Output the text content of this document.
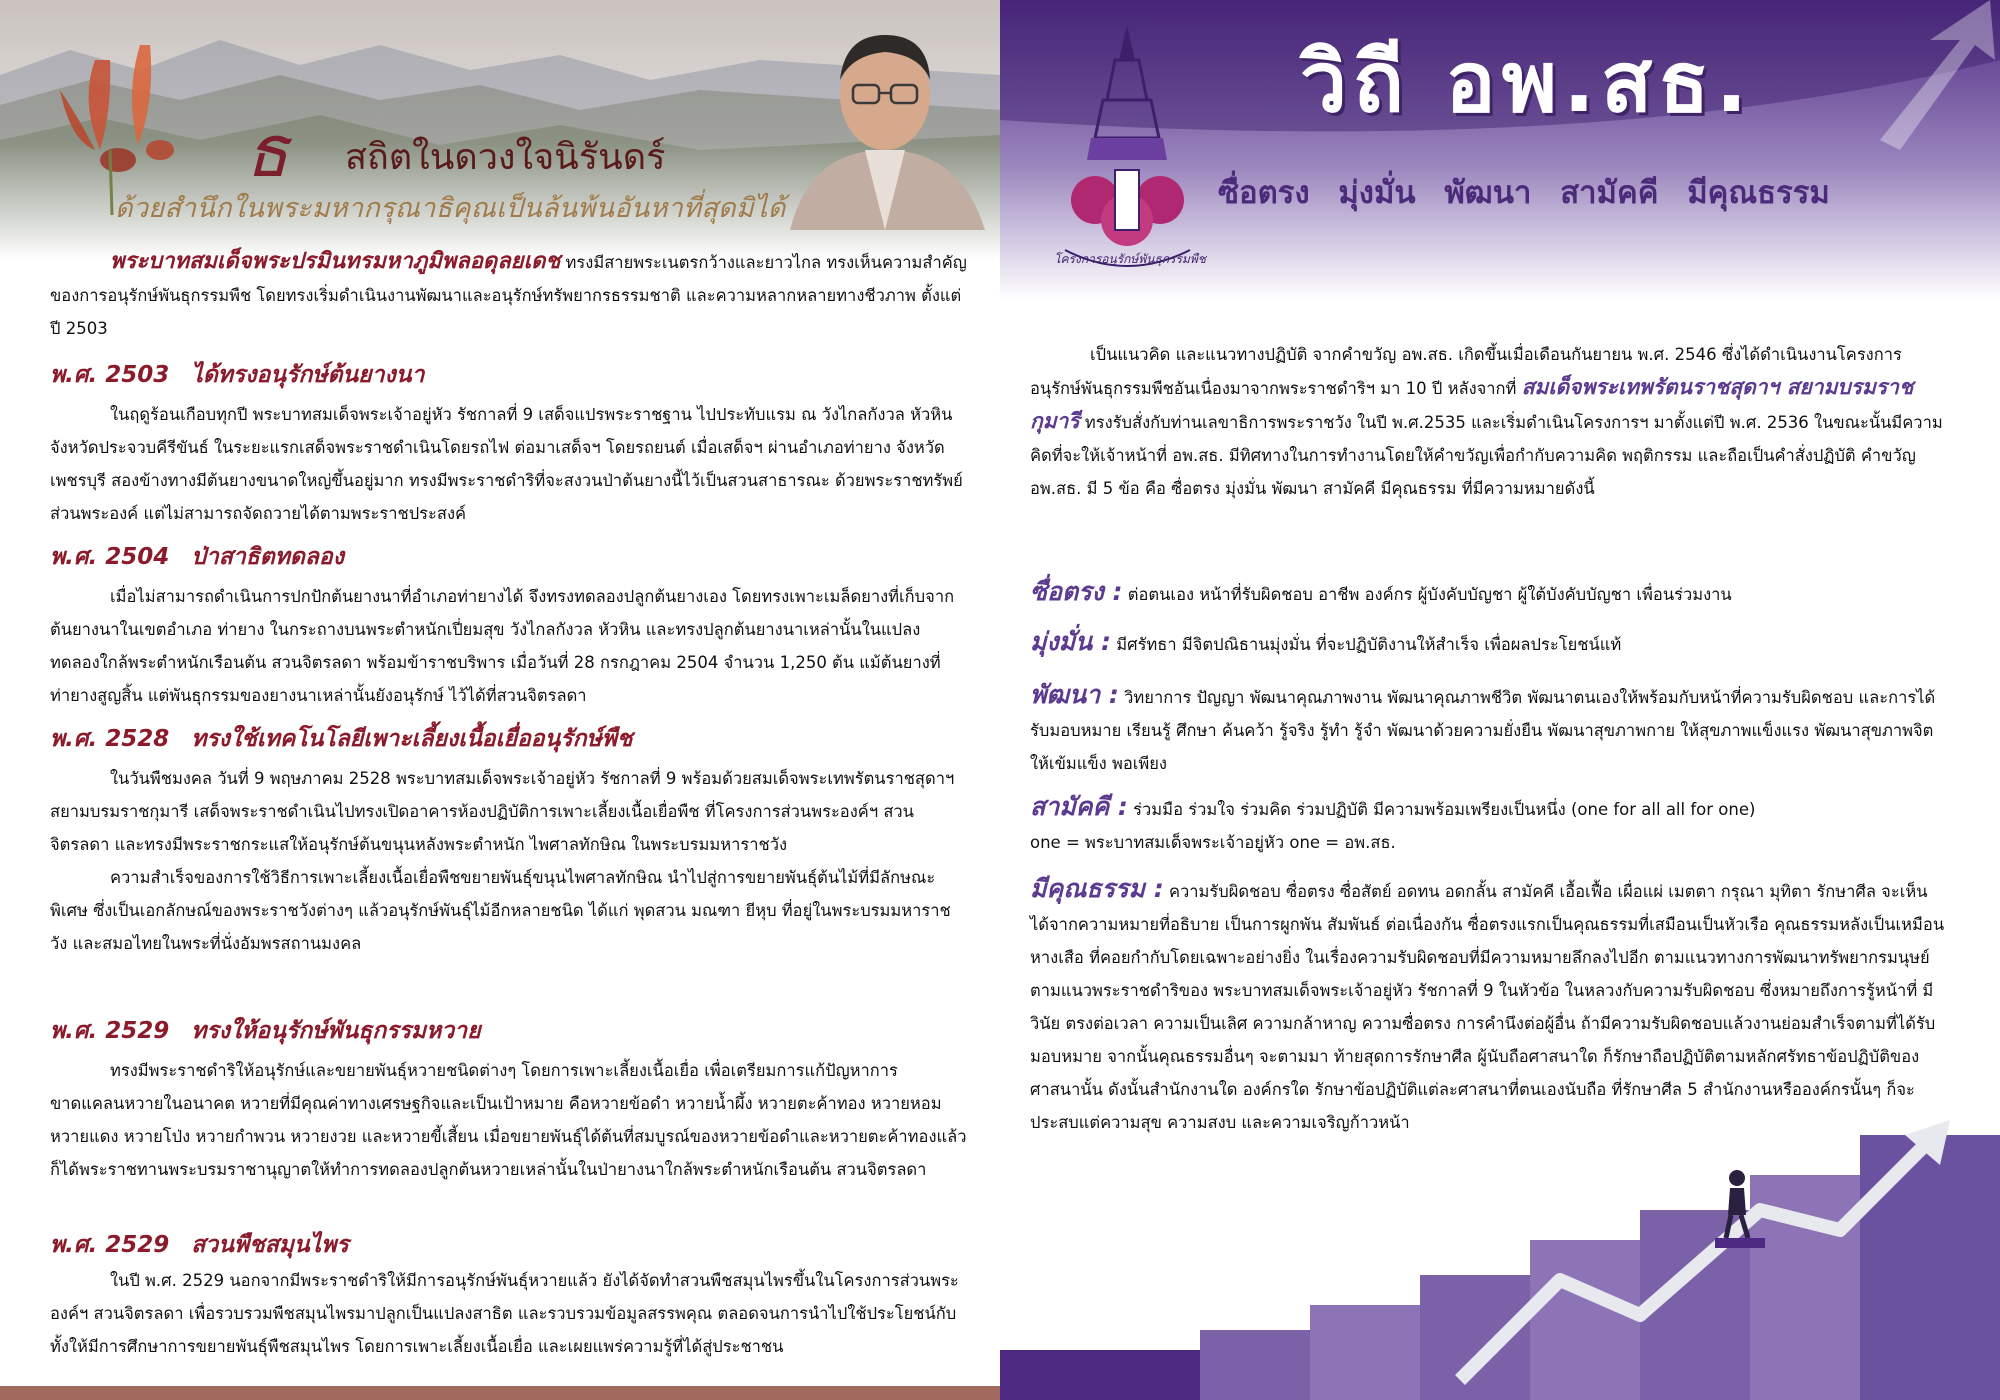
ธ สถิตในดวงใจนิรันดร์
ด้วยสำนึกในพระมหากรุณาธิคุณเป็นล้นพ้นอันหาที่สุดมิได้

พระบาทสมเด็จพระปรมินทรมหาภูมิพลอดุลยเดช ทรงมีสายพระเนตรกว้างและยาวไกล ทรงเห็นความสำคัญของการอนุรักษ์พันธุกรรมพืช โดยทรงเริ่มดำเนินงานพัฒนาและอนุรักษ์ทรัพยากรธรรมชาติ และความหลากหลายทางชีวภาพ ตั้งแต่ปี 2503

พ.ศ. 2503 ได้ทรงอนุรักษ์ต้นยางนา

ในฤดูร้อนเกือบทุกปี พระบาทสมเด็จพระเจ้าอยู่หัว รัชกาลที่ 9 เสด็จแปรพระราชฐาน ไปประทับแรม ณ วังไกลกังวล หัวหิน จังหวัดประจวบคีรีขันธ์ ในระยะแรกเสด็จพระราชดำเนินโดยรถไฟ ต่อมาเสด็จฯ โดยรถยนต์ เมื่อเสด็จฯ ผ่านอำเภอท่ายาง จังหวัดเพชรบุรี สองข้างทางมีต้นยางขนาดใหญ่ขึ้นอยู่มาก ทรงมีพระราชดำริที่จะสงวนป่าต้นยางนี้ไว้เป็นสวนสาธารณะ ด้วยพระราชทรัพย์ส่วนพระองค์ แต่ไม่สามารถจัดถวายได้ตามพระราชประสงค์

พ.ศ. 2504 ป่าสาธิตทดลอง

เมื่อไม่สามารถดำเนินการปกปักต้นยางนาที่อำเภอท่ายางได้ จึงทรงทดลองปลูกต้นยางเอง โดยทรงเพาะเมล็ดยางที่เก็บจากต้นยางนาในเขตอำเภอ ท่ายาง ในกระถางบนพระตำหนักเปี่ยมสุข วังไกลกังวล หัวหิน และทรงปลูกต้นยางนาเหล่านั้นในแปลงทดลองใกล้พระตำหนักเรือนต้น สวนจิตรลดา พร้อมข้าราชบริพาร เมื่อวันที่ 28 กรกฎาคม 2504 จำนวน 1,250 ต้น แม้ต้นยางที่ท่ายางสูญสิ้น แต่พันธุกรรมของยางนาเหล่านั้นยังอนุรักษ์ ไว้ได้ที่สวนจิตรลดา

พ.ศ. 2528 ทรงใช้เทคโนโลยีเพาะเลี้ยงเนื้อเยื่ออนุรักษ์พืช

ในวันพืชมงคล วันที่ 9 พฤษภาคม 2528 พระบาทสมเด็จพระเจ้าอยู่หัว รัชกาลที่ 9 พร้อมด้วยสมเด็จพระเทพรัตนราชสุดาฯ สยามบรมราชกุมารี เสด็จพระราชดำเนินไปทรงเปิดอาคารห้องปฏิบัติการเพาะเลี้ยงเนื้อเยื่อพืช ที่โครงการส่วนพระองค์ฯ สวนจิตรลดา และทรงมีพระราชกระแสให้อนุรักษ์ต้นขนุนหลังพระตำหนัก ไพศาลทักษิณ ในพระบรมมหาราชวัง

ความสำเร็จของการใช้วิธีการเพาะเลี้ยงเนื้อเยื่อพืชขยายพันธุ์ขนุนไพศาลทักษิณ นำไปสู่การขยายพันธุ์ต้นไม้ที่มีลักษณะพิเศษ ซึ่งเป็นเอกลักษณ์ของพระราชวังต่างๆ แล้วอนุรักษ์พันธุ์ไม้อีกหลายชนิด ได้แก่ พุดสวน มณฑา ยีหุบ ที่อยู่ในพระบรมมหาราชวัง และสมอไทยในพระที่นั่งอัมพรสถานมงคล

พ.ศ. 2529 ทรงให้อนุรักษ์พันธุกรรมหวาย

ทรงมีพระราชดำริให้อนุรักษ์และขยายพันธุ์หวายชนิดต่างๆ โดยการเพาะเลี้ยงเนื้อเยื่อ เพื่อเตรียมการแก้ปัญหาการขาดแคลนหวายในอนาคต หวายที่มีคุณค่าทางเศรษฐกิจและเป็นเป้าหมาย คือหวายข้อดำ หวายน้ำผึ้ง หวายตะค้าทอง หวายหอม หวายแดง หวายโป่ง หวายกำพวน หวายงวย และหวายขี้เสี้ยน เมื่อขยายพันธุ์ได้ต้นที่สมบูรณ์ของหวายข้อดำและหวายตะค้าทองแล้ว ก็ได้พระราชทานพระบรมราชานุญาตให้ทำการทดลองปลูกต้นหวายเหล่านั้นในป่ายางนาใกล้พระตำหนักเรือนต้น สวนจิตรลดา

พ.ศ. 2529 สวนพืชสมุนไพร

ในปี พ.ศ. 2529 นอกจากมีพระราชดำริให้มีการอนุรักษ์พันธุ์หวายแล้ว ยังได้จัดทำสวนพืชสมุนไพรขึ้นในโครงการส่วนพระองค์ฯ สวนจิตรลดา เพื่อรวบรวมพืชสมุนไพรมาปลูกเป็นแปลงสาธิต และรวบรวมข้อมูลสรรพคุณ ตลอดจนการนำไปใช้ประโยชน์กับทั้งให้มีการศึกษาการขยายพันธุ์พืชสมุนไพร โดยการเพาะเลี้ยงเนื้อเยื่อ และเผยแพร่ความรู้ที่ได้สู่ประชาชน

โครงการอนุรักษ์พันธุกรรมพืช
วิถี อพ.สธ.
ซื่อตรง มุ่งมั่น พัฒนา สามัคคี มีคุณธรรม

เป็นแนวคิด และแนวทางปฏิบัติ จากคำขวัญ อพ.สธ. เกิดขึ้นเมื่อเดือนกันยายน พ.ศ. 2546 ซึ่งได้ดำเนินงานโครงการอนุรักษ์พันธุกรรมพืชอันเนื่องมาจากพระราชดำริฯ มา 10 ปี หลังจากที่ สมเด็จพระเทพรัตนราชสุดาฯ สยามบรมราชกุมารี ทรงรับสั่งกับท่านเลขาธิการพระราชวัง ในปี พ.ศ.2535 และเริ่มดำเนินโครงการฯ มาตั้งแต่ปี พ.ศ. 2536 ในขณะนั้นมีความคิดที่จะให้เจ้าหน้าที่ อพ.สธ. มีทิศทางในการทำงานโดยให้คำขวัญเพื่อกำกับความคิด พฤติกรรม และถือเป็นคำสั่งปฏิบัติ คำขวัญ อพ.สธ. มี 5 ข้อ คือ ซื่อตรง มุ่งมั่น พัฒนา สามัคคี มีคุณธรรม ที่มีความหมายดังนี้

ซื่อตรง : ต่อตนเอง หน้าที่รับผิดชอบ อาชีพ องค์กร ผู้บังคับบัญชา ผู้ใต้บังคับบัญชา เพื่อนร่วมงาน

มุ่งมั่น : มีศรัทธา มีจิตปณิธานมุ่งมั่น ที่จะปฏิบัติงานให้สำเร็จ เพื่อผลประโยชน์แท้

พัฒนา : วิทยาการ ปัญญา พัฒนาคุณภาพงาน พัฒนาคุณภาพชีวิต พัฒนาตนเองให้พร้อมกับหน้าที่ความรับผิดชอบ และการได้รับมอบหมาย เรียนรู้ ศึกษา ค้นคว้า รู้จริง รู้ทำ รู้จำ พัฒนาด้วยความยั่งยืน พัฒนาสุขภาพกาย ให้สุขภาพแข็งแรง พัฒนาสุขภาพจิต ให้เข้มแข็ง พอเพียง

สามัคคี : ร่วมมือ ร่วมใจ ร่วมคิด ร่วมปฏิบัติ มีความพร้อมเพรียงเป็นหนึ่ง (one for all all for one)

one = พระบาทสมเด็จพระเจ้าอยู่หัว one = อพ.สธ.

มีคุณธรรม : ความรับผิดชอบ ซื่อตรง ซื่อสัตย์ อดทน อดกลั้น สามัคคี เอื้อเฟื้อ เผื่อแผ่ เมตตา กรุณา มุทิตา รักษาศีล จะเห็นได้จากความหมายที่อธิบาย เป็นการผูกพัน สัมพันธ์ ต่อเนื่องกัน ซื่อตรงแรกเป็นคุณธรรมที่เสมือนเป็นหัวเรือ คุณธรรมหลังเป็นเหมือนหางเสือ ที่คอยกำกับโดยเฉพาะอย่างยิ่ง ในเรื่องความรับผิดชอบที่มีความหมายลึกลงไปอีก ตามแนวทางการพัฒนาทรัพยากรมนุษย์ตามแนวพระราชดำริของ พระบาทสมเด็จพระเจ้าอยู่หัว รัชกาลที่ 9 ในหัวข้อ ในหลวงกับความรับผิดชอบ ซึ่งหมายถึงการรู้หน้าที่ มีวินัย ตรงต่อเวลา ความเป็นเลิศ ความกล้าหาญ ความซื่อตรง การคำนึงต่อผู้อื่น ถ้ามีความรับผิดชอบแล้วงานย่อมสำเร็จตามที่ได้รับมอบหมาย จากนั้นคุณธรรมอื่นๆ จะตามมา ท้ายสุดการรักษาศีล ผู้นับถือศาสนาใด ก็รักษาถือปฏิบัติตามหลักศรัทธาข้อปฏิบัติของศาสนานั้น ดังนั้นสำนักงานใด องค์กรใด รักษาข้อปฏิบัติแต่ละศาสนาที่ตนเองนับถือ ที่รักษาศีล 5 สำนักงานหรือองค์กรนั้นๆ ก็จะประสบแต่ความสุข ความสงบ และความเจริญก้าวหน้า
